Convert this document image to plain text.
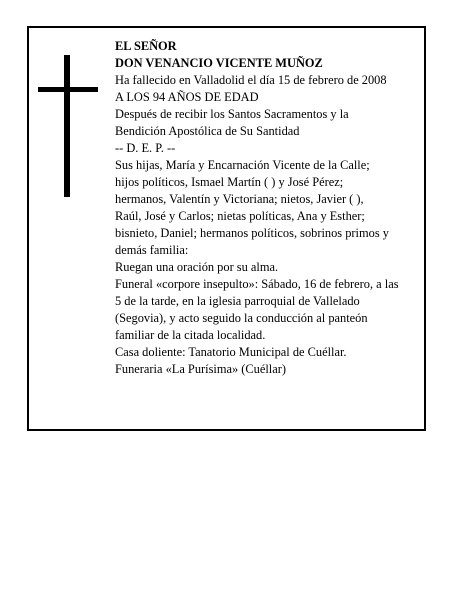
EL SEÑOR
DON VENANCIO VICENTE MUÑOZ
Ha fallecido en Valladolid el día 15 de febrero de 2008
A LOS 94 AÑOS DE EDAD
Después de recibir los Santos Sacramentos y la
Bendición Apostólica de Su Santidad
-- D. E. P. --
Sus hijas, María y Encarnación Vicente de la Calle;
hijos políticos, Ismael Martín ( ) y José Pérez;
hermanos, Valentín y Victoriana; nietos, Javier ( ),
Raúl, José y Carlos; nietas políticas, Ana y Esther;
bisnieto, Daniel; hermanos políticos, sobrinos primos y
demás familia:
Ruegan una oración por su alma.
Funeral «corpore insepulto»: Sábado, 16 de febrero, a las
5 de la tarde, en la iglesia parroquial de Vallelado
(Segovia), y acto seguido la conducción al panteón
familiar de la citada localidad.
Casa doliente: Tanatorio Municipal de Cuéllar.
Funeraria «La Purísima» (Cuéllar)
